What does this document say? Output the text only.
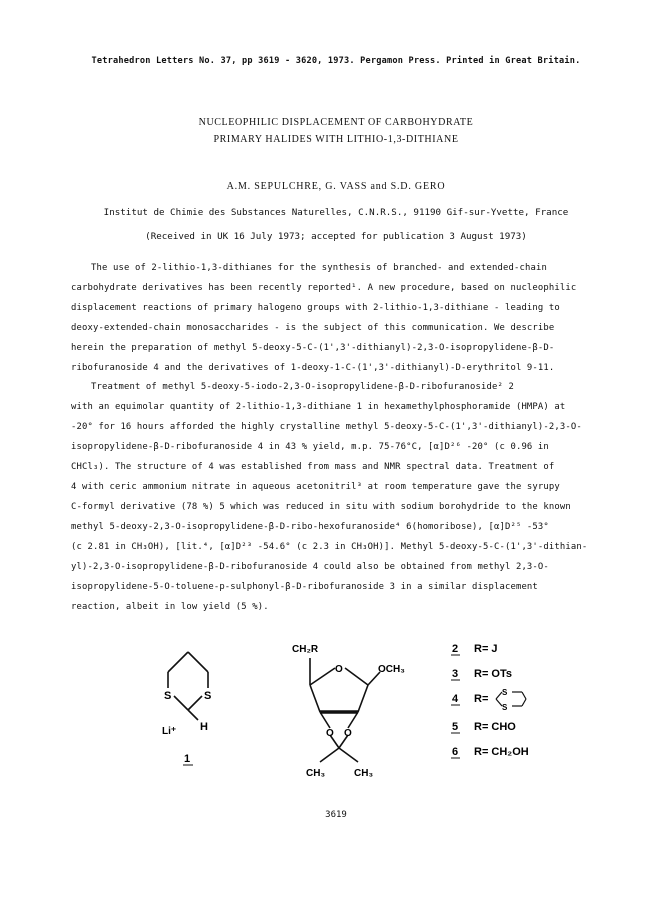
Tetrahedron Letters No. 37, pp 3619 - 3620, 1973. Pergamon Press. Printed in Great Britain.
NUCLEOPHILIC DISPLACEMENT OF CARBOHYDRATE
PRIMARY HALIDES WITH LITHIO-1,3-DITHIANE
A.M. SEPULCHRE, G. VASS and S.D. GERO
Institut de Chimie des Substances Naturelles, C.N.R.S., 91190 Gif-sur-Yvette, France
(Received in UK 16 July 1973; accepted for publication 3 August 1973)
The use of 2-lithio-1,3-dithianes for the synthesis of branched- and extended-chain
carbohydrate derivatives has been recently reported¹. A new procedure, based on nucleophilic
displacement reactions of primary halogeno groups with 2-lithio-1,3-dithiane - leading to
deoxy-extended-chain monosaccharides - is the subject of this communication. We describe
herein the preparation of methyl 5-deoxy-5-C-(1',3'-dithianyl)-2,3-O-isopropylidene-β-D-
ribofuranoside 4 and the derivatives of 1-deoxy-1-C-(1',3'-dithianyl)-D-erythritol 9-11.
Treatment of methyl 5-deoxy-5-iodo-2,3-O-isopropylidene-β-D-ribofuranoside² 2
with an equimolar quantity of 2-lithio-1,3-dithiane 1 in hexamethylphosphoramide (HMPA) at
-20° for 16 hours afforded the highly crystalline methyl 5-deoxy-5-C-(1',3'-dithianyl)-2,3-O-
isopropylidene-β-D-ribofuranoside 4 in 43 % yield, m.p. 75-76°C, [α]D²⁶ -20° (c 0.96 in
CHCl₃). The structure of 4 was established from mass and NMR spectral data. Treatment of
4 with ceric ammonium nitrate in aqueous acetonitril³ at room temperature gave the syrupy
C-formyl derivative (78 %) 5 which was reduced in situ with sodium borohydride to the known
methyl 5-deoxy-2,3-O-isopropylidene-β-D-ribo-hexofuranoside⁴ 6(homoribose), [α]D²⁵ -53°
(c 2.81 in CH₃OH), [lit.⁴, [α]D²³ -54.6° (c 2.3 in CH₃OH)]. Methyl 5-deoxy-5-C-(1',3'-dithian-
yl)-2,3-O-isopropylidene-β-D-ribofuranoside 4 could also be obtained from methyl 2,3-O-
isopropylidene-5-O-toluene-p-sulphonyl-β-D-ribofuranoside 3 in a similar displacement
reaction, albeit in low yield (5 %).
S	S
H
Li⁺
1
CH₂R
O	OCH₃
O O
CH₃	CH₃
2 R= J
3 R= OTs
4 R=
5 R= CHO
6 R= CH₂OH
S
S
3619
